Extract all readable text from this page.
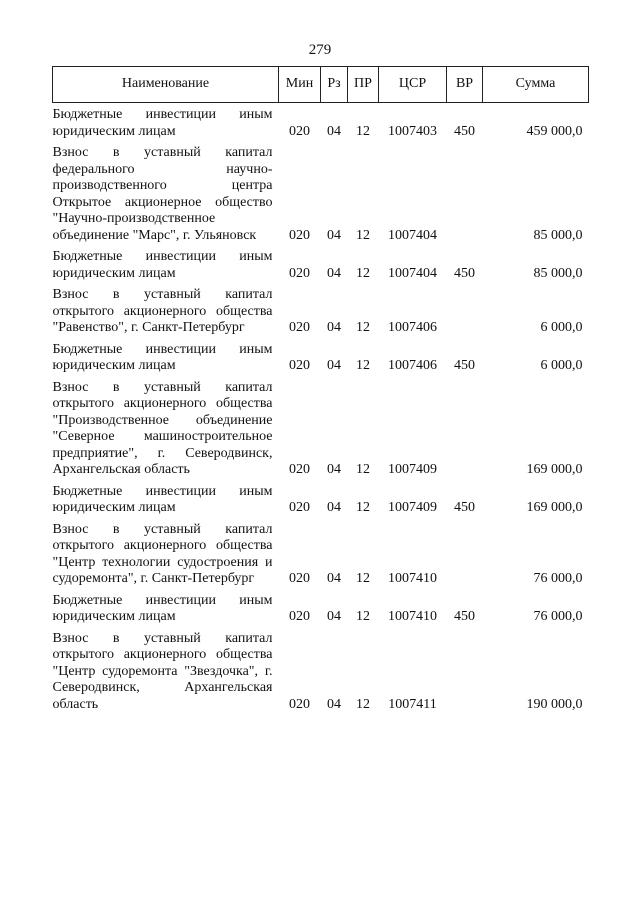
279
Наименование	Мин	Рз	ПР	ЦСР	ВР	Сумма
Бюджетные инвестиции иным юридическим лицам	020	04	12	1007403	450	459 000,0
Взнос в уставный капитал федерального научно-производственного центра Открытое акционерное общество "Научно-производственное объединение "Марс", г. Ульяновск	020	04	12	1007404		85 000,0
Бюджетные инвестиции иным юридическим лицам	020	04	12	1007404	450	85 000,0
Взнос в уставный капитал открытого акционерного общества "Равенство", г. Санкт-Петербург	020	04	12	1007406		6 000,0
Бюджетные инвестиции иным юридическим лицам	020	04	12	1007406	450	6 000,0
Взнос в уставный капитал открытого акционерного общества "Производственное объединение "Северное машиностроительное предприятие", г. Северодвинск, Архангельская область	020	04	12	1007409		169 000,0
Бюджетные инвестиции иным юридическим лицам	020	04	12	1007409	450	169 000,0
Взнос в уставный капитал открытого акционерного общества "Центр технологии судостроения и судоремонта", г. Санкт-Петербург	020	04	12	1007410		76 000,0
Бюджетные инвестиции иным юридическим лицам	020	04	12	1007410	450	76 000,0
Взнос в уставный капитал открытого акционерного общества "Центр судоремонта "Звездочка", г. Северодвинск, Архангельская область	020	04	12	1007411		190 000,0
